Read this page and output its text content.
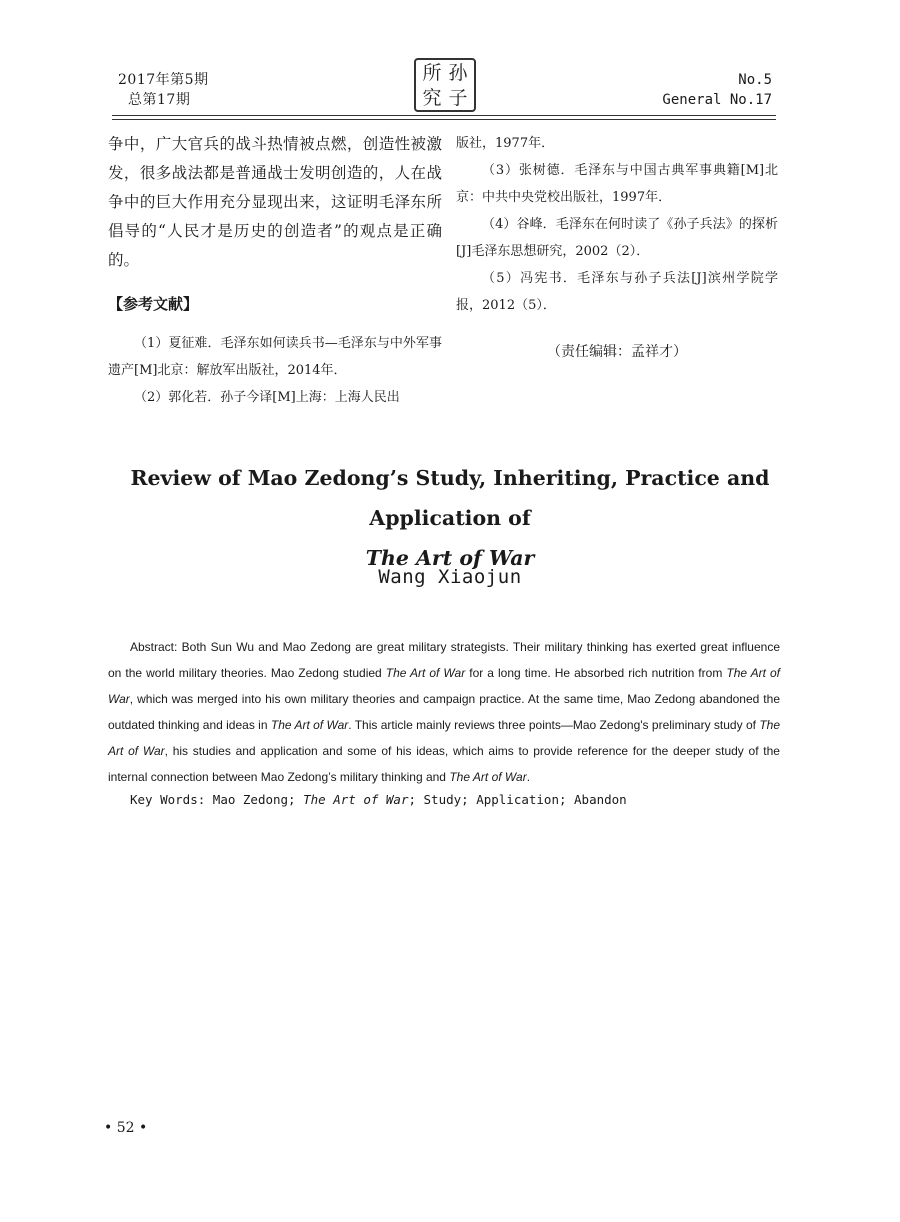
2017年第5期
总第17期
所 孙
究 子
No.5
General No.17

争中，广大官兵的战斗热情被点燃，创造性被激发，很多战法都是普通战士发明创造的，人在战争中的巨大作用充分显现出来，这证明毛泽东所倡导的“人民才是历史的创造者”的观点是正确的。

【参考文献】

（1）夏征难．毛泽东如何读兵书—毛泽东与中外军事遗产[M]北京：解放军出版社，2014年．

（2）郭化若．孙子今译[M]上海：上海人民出

版社，1977年．

（3）张树德．毛泽东与中国古典军事典籍[M]北京：中共中央党校出版社，1997年．

（4）谷峰．毛泽东在何时读了《孙子兵法》的探析[J]毛泽东思想研究，2002（2）．

（5）冯宪书．毛泽东与孙子兵法[J]滨州学院学报，2012（5）．

（责任编辑：孟祥才）
Review of Mao Zedong’s Study, Inheriting, Practice and Application of
The Art of War
Wang Xiaojun

Abstract: Both Sun Wu and Mao Zedong are great military strategists. Their military thinking has exerted great influence on the world military theories. Mao Zedong studied The Art of War for a long time. He absorbed rich nutrition from The Art of War, which was merged into his own military theories and campaign practice. At the same time, Mao Zedong abandoned the outdated thinking and ideas in The Art of War. This article mainly reviews three points—Mao Zedong's preliminary study of The Art of War, his studies and application and some of his ideas, which aims to provide reference for the deeper study of the internal connection between Mao Zedong’s military thinking and The Art of War.

Key Words: Mao Zedong; The Art of War; Study; Application; Abandon
• 52 •
